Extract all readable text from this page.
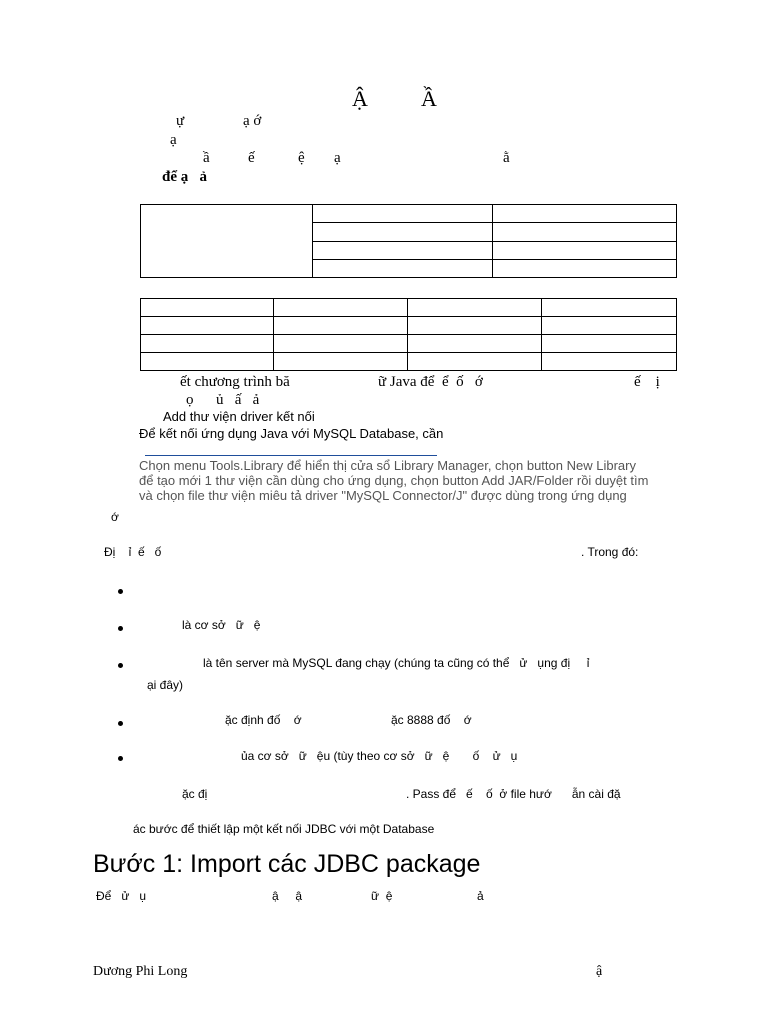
Ậ Ầ
ự	ạ ớ
ạ
ầ	ế	ệ ạ	ằ
để ạ   ả

ết chương trình bă	ữ Java để  ể  ố   ớ	ế    ị
ọ      ủ   ấ   ả
Add thư viện driver kết nối
Để kết nối ứng dụng Java với MySQL Database, cần
Chọn menu Tools.Library để hiển thị cửa sổ Library Manager, chọn button New Library
để tạo mới 1 thư viện cần dùng cho ứng dụng, chọn button Add JAR/Folder rồi duyệt tìm
và chọn file thư viện miêu tả driver "MySQL Connector/J" được dùng trong ứng dụng
ớ
Đị    ỉ  ế   ố	. Trong đó:
là cơ sở   ữ   ệ
là tên server mà MySQL đang chạy (chúng ta cũng có thể   ử   ụng đị     ỉ
ại đây)
ặc định đố    ớ	ặc 8888 đố    ớ
ủa cơ sở   ữ   ệu (tùy theo cơ sở   ữ   ệ       ố    ử   ụ
ặc đị	. Pass để   ế    ố  ở file hướ      ẫn cài đặ
ác bước để thiết lập một kết nối JDBC với một Database
Bước 1: Import các JDBC package
Để   ử   ụ	ậ     ậ	ữ  ệ	ả
Dương Phi Long	ậ
